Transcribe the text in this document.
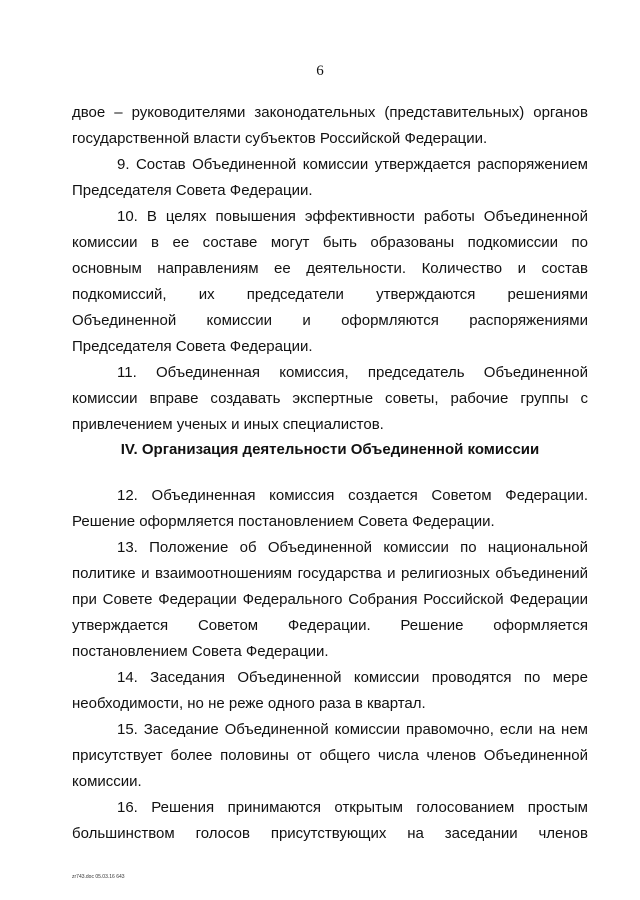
6
двое – руководителями законодательных (представительных) органов
государственной власти субъектов Российской Федерации.
9. Состав Объединенной комиссии утверждается распоряжением
Председателя Совета Федерации.
10. В целях повышения эффективности работы Объединенной
комиссии в ее составе могут быть образованы подкомиссии по
основным направлениям ее деятельности. Количество и состав
подкомиссий, их председатели утверждаются решениями
Объединенной комиссии и оформляются распоряжениями
Председателя Совета Федерации.
11. Объединенная комиссия, председатель Объединенной
комиссии вправе создавать экспертные советы, рабочие группы с
привлечением ученых и иных специалистов.
IV. Организация деятельности Объединенной комиссии
12. Объединенная комиссия создается Советом Федерации.
Решение оформляется постановлением Совета Федерации.
13. Положение об Объединенной комиссии по национальной
политике и взаимоотношениям государства и религиозных объединений
при Совете Федерации Федерального Собрания Российской Федерации
утверждается Советом Федерации. Решение оформляется
постановлением Совета Федерации.
14. Заседания Объединенной комиссии проводятся по мере
необходимости, но не реже одного раза в квартал.
15. Заседание Объединенной комиссии правомочно, если на нем
присутствует более половины от общего числа членов Объединенной
комиссии.
16. Решения принимаются открытым голосованием простым
большинством голосов присутствующих на заседании членов
zr743.doc 05.03.16 643
